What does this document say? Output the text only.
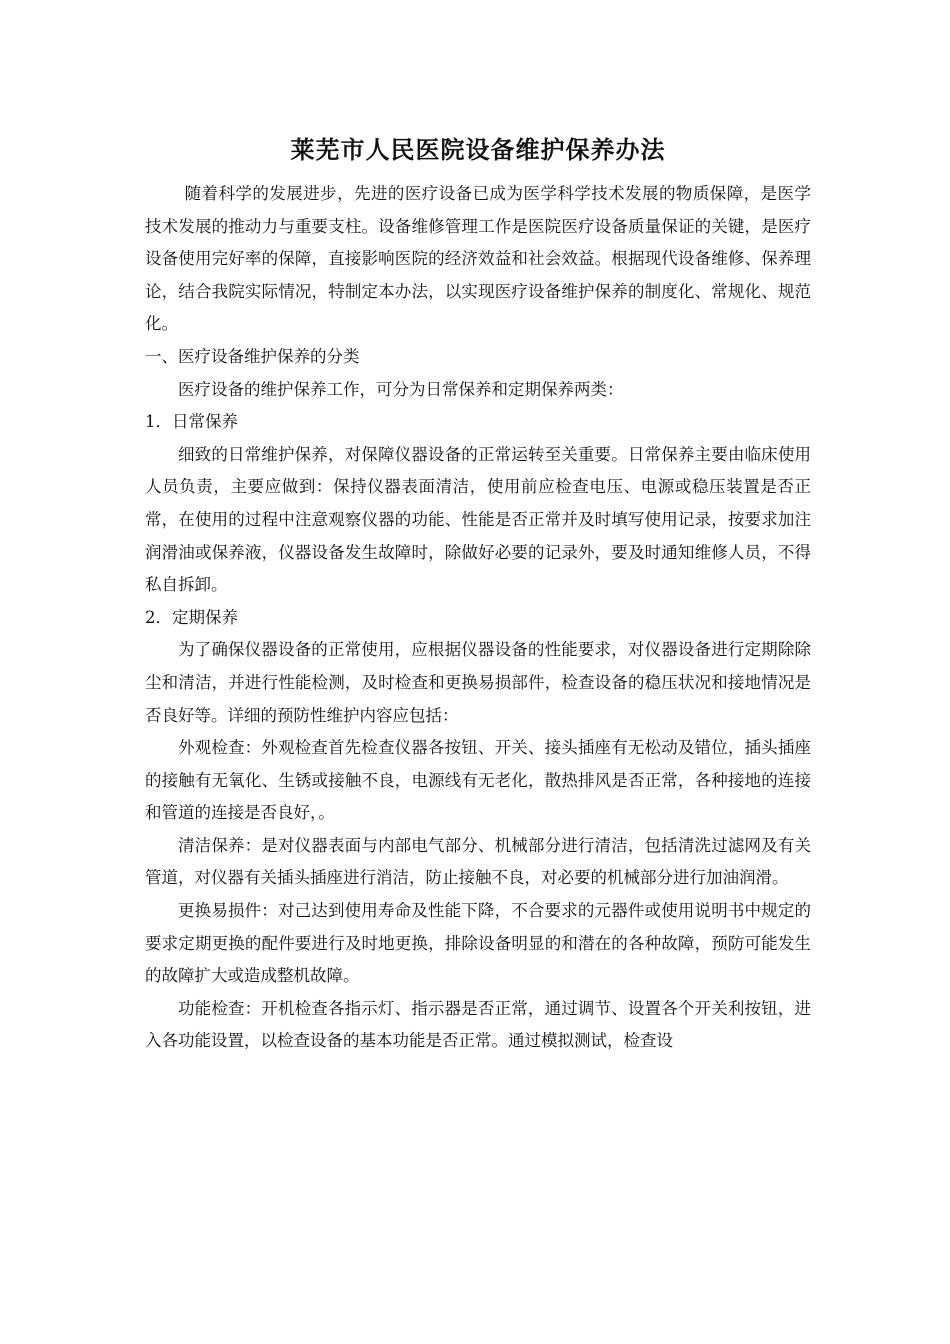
莱芜市人民医院设备维护保养办法

随着科学的发展进步，先进的医疗设备已成为医学科学技术发展的物质保障，是医学技术发展的推动力与重要支柱。设备维修管理工作是医院医疗设备质量保证的关键，是医疗设备使用完好率的保障，直接影响医院的经济效益和社会效益。根据现代设备维修、保养理论，结合我院实际情况，特制定本办法，以实现医疗设备维护保养的制度化、常规化、规范化。

一、医疗设备维护保养的分类

医疗设备的维护保养工作，可分为日常保养和定期保养两类：

1．日常保养

细致的日常维护保养，对保障仪器设备的正常运转至关重要。日常保养主要由临床使用人员负责，主要应做到：保持仪器表面清洁，使用前应检查电压、电源或稳压装置是否正常，在使用的过程中注意观察仪器的功能、性能是否正常并及时填写使用记录，按要求加注润滑油或保养液，仪器设备发生故障时，除做好必要的记录外，要及时通知维修人员，不得私自拆卸。

2．定期保养

为了确保仪器设备的正常使用，应根据仪器设备的性能要求，对仪器设备进行定期除除尘和清洁，并进行性能检测，及时检查和更换易损部件，检查设备的稳压状况和接地情况是否良好等。详细的预防性维护内容应包括：

外观检查：外观检查首先检查仪器各按钮、开关、接头插座有无松动及错位，插头插座的接触有无氧化、生锈或接触不良，电源线有无老化，散热排风是否正常，各种接地的连接和管道的连接是否良好，。

清洁保养：是对仪器表面与内部电气部分、机械部分进行清洁，包括清洗过滤网及有关管道，对仪器有关插头插座进行消洁，防止接触不良，对必要的机械部分进行加油润滑。

更换易损件：对己达到使用寿命及性能下降，不合要求的元器件或使用说明书中规定的要求定期更换的配件要进行及时地更换，排除设备明显的和潜在的各种故障，预防可能发生的故障扩大或造成整机故障。

功能检查：开机检查各指示灯、指示器是否正常，通过调节、设置各个开关利按钮，进入各功能设置，以检查设备的基本功能是否正常。通过模拟测试，检查设
